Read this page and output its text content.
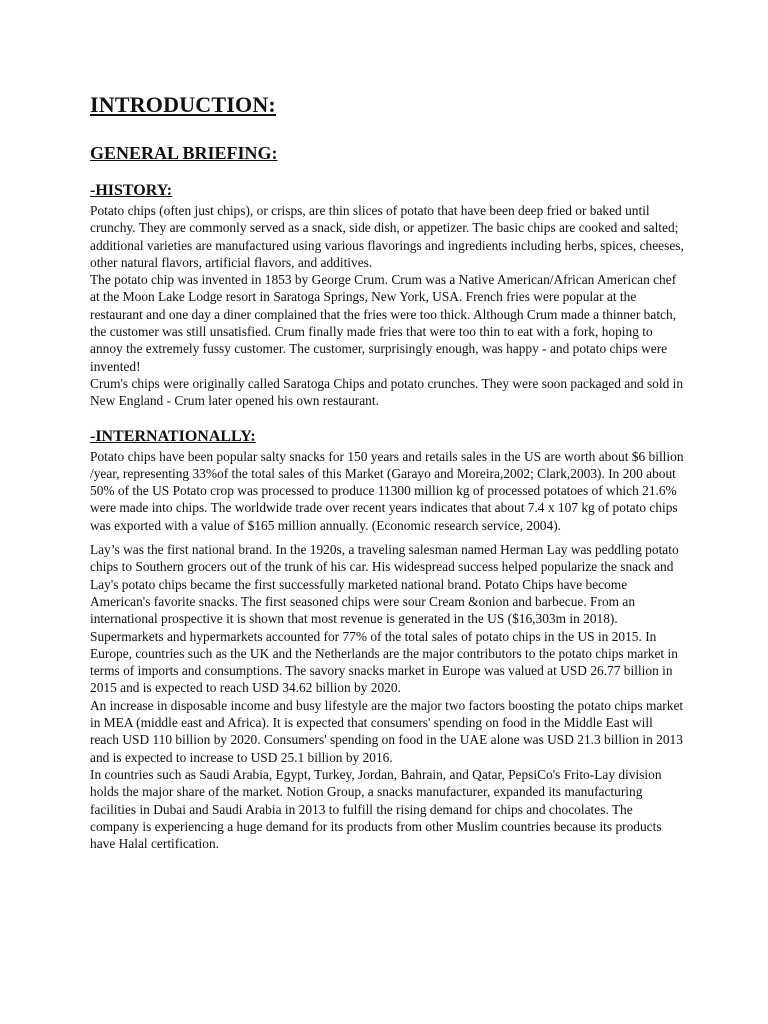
INTRODUCTION:
GENERAL BRIEFING:
-HISTORY:

Potato chips (often just chips), or crisps, are thin slices of potato that have been deep fried or baked until crunchy. They are commonly served as a snack, side dish, or appetizer. The basic chips are cooked and salted; additional varieties are manufactured using various flavorings and ingredients including herbs, spices, cheeses, other natural flavors, artificial flavors, and additives.

The potato chip was invented in 1853 by George Crum. Crum was a Native American/African American chef at the Moon Lake Lodge resort in Saratoga Springs, New York, USA. French fries were popular at the restaurant and one day a diner complained that the fries were too thick. Although Crum made a thinner batch, the customer was still unsatisfied. Crum finally made fries that were too thin to eat with a fork, hoping to annoy the extremely fussy customer. The customer, surprisingly enough, was happy - and potato chips were invented!

Crum's chips were originally called Saratoga Chips and potato crunches. They were soon packaged and sold in New England - Crum later opened his own restaurant.

-INTERNATIONALLY:

Potato chips have been popular salty snacks for 150 years and retails sales in the US are worth about $6 billion /year, representing 33%of the total sales of this Market (Garayo and Moreira,2002; Clark,2003). In 200 about 50% of the US Potato crop was processed to produce 11300 million kg of processed potatoes of which 21.6% were made into chips. The worldwide trade over recent years indicates that about 7.4 x 107 kg of potato chips was exported with a value of $165 million annually. (Economic research service, 2004).

Lay’s was the first national brand. In the 1920s, a traveling salesman named Herman Lay was peddling potato chips to Southern grocers out of the trunk of his car. His widespread success helped popularize the snack and Lay's potato chips became the first successfully marketed national brand. Potato Chips have become American's favorite snacks. The first seasoned chips were sour Cream &onion and barbecue. From an international prospective it is shown that most revenue is generated in the US ($16,303m in 2018).

Supermarkets and hypermarkets accounted for 77% of the total sales of potato chips in the US in 2015. In Europe, countries such as the UK and the Netherlands are the major contributors to the potato chips market in terms of imports and consumptions. The savory snacks market in Europe was valued at USD 26.77 billion in 2015 and is expected to reach USD 34.62 billion by 2020.

An increase in disposable income and busy lifestyle are the major two factors boosting the potato chips market in MEA (middle east and Africa). It is expected that consumers' spending on food in the Middle East will reach USD 110 billion by 2020. Consumers' spending on food in the UAE alone was USD 21.3 billion in 2013 and is expected to increase to USD 25.1 billion by 2016.

In countries such as Saudi Arabia, Egypt, Turkey, Jordan, Bahrain, and Qatar, PepsiCo's Frito-Lay division holds the major share of the market. Notion Group, a snacks manufacturer, expanded its manufacturing facilities in Dubai and Saudi Arabia in 2013 to fulfill the rising demand for chips and chocolates. The company is experiencing a huge demand for its products from other Muslim countries because its products have Halal certification.
